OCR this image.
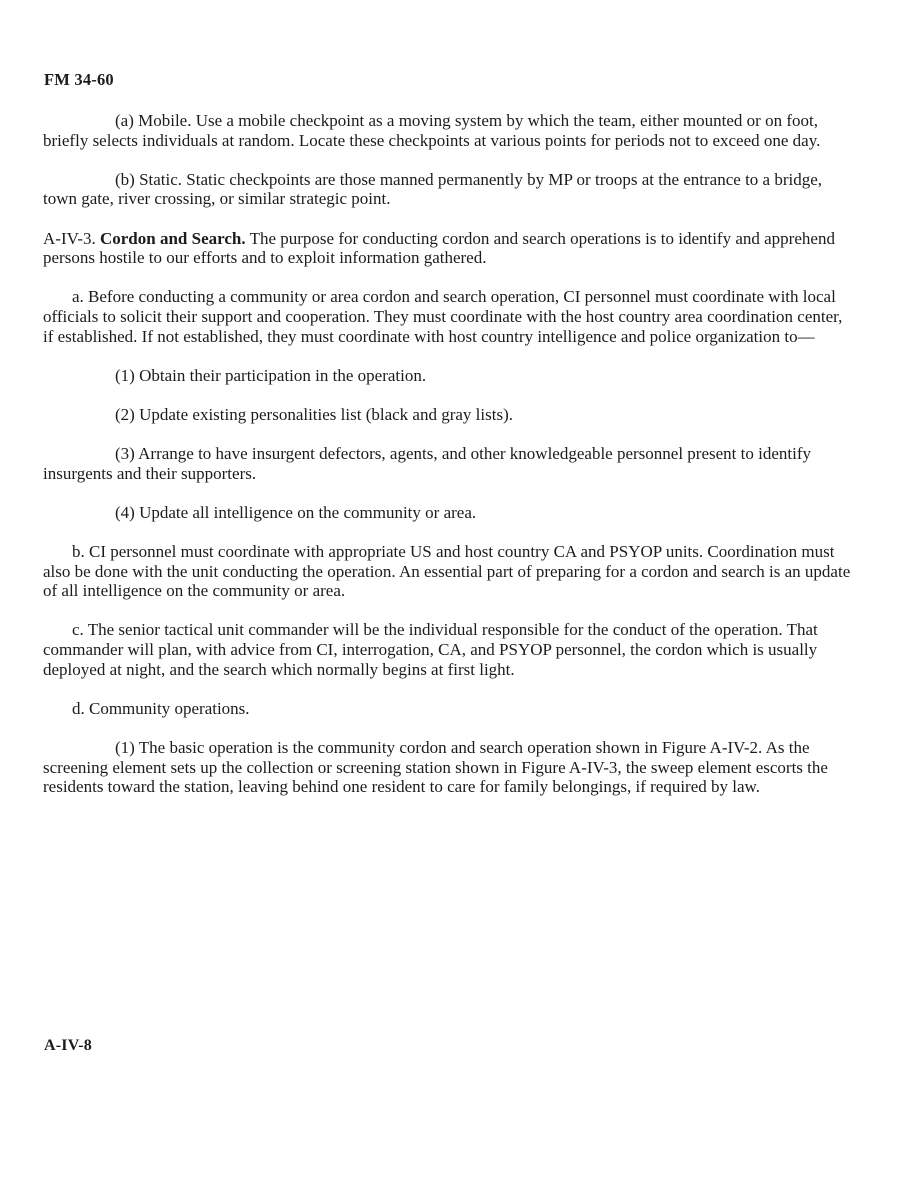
FM 34-60

(a) Mobile. Use a mobile checkpoint as a moving system by which the team, either mounted or on foot, briefly selects individuals at random. Locate these checkpoints at various points for periods not to exceed one day.

(b) Static. Static checkpoints are those manned permanently by MP or troops at the entrance to a bridge, town gate, river crossing, or similar strategic point.

A-IV-3. Cordon and Search. The purpose for conducting cordon and search operations is to identify and apprehend persons hostile to our efforts and to exploit information gathered.

a. Before conducting a community or area cordon and search operation, CI personnel must coordinate with local officials to solicit their support and cooperation. They must coordinate with the host country area coordination center, if established. If not established, they must coordinate with host country intelligence and police organization to—

(1) Obtain their participation in the operation.

(2) Update existing personalities list (black and gray lists).

(3) Arrange to have insurgent defectors, agents, and other knowledgeable personnel present to identify insurgents and their supporters.

(4) Update all intelligence on the community or area.

b. CI personnel must coordinate with appropriate US and host country CA and PSYOP units. Coordination must also be done with the unit conducting the operation. An essential part of preparing for a cordon and search is an update of all intelligence on the community or area.

c. The senior tactical unit commander will be the individual responsible for the conduct of the operation. That commander will plan, with advice from CI, interrogation, CA, and PSYOP personnel, the cordon which is usually deployed at night, and the search which normally begins at first light.

d. Community operations.

(1) The basic operation is the community cordon and search operation shown in Figure A-IV-2. As the screening element sets up the collection or screening station shown in Figure A-IV-3, the sweep element escorts the residents toward the station, leaving behind one resident to care for family belongings, if required by law.

A-IV-8
